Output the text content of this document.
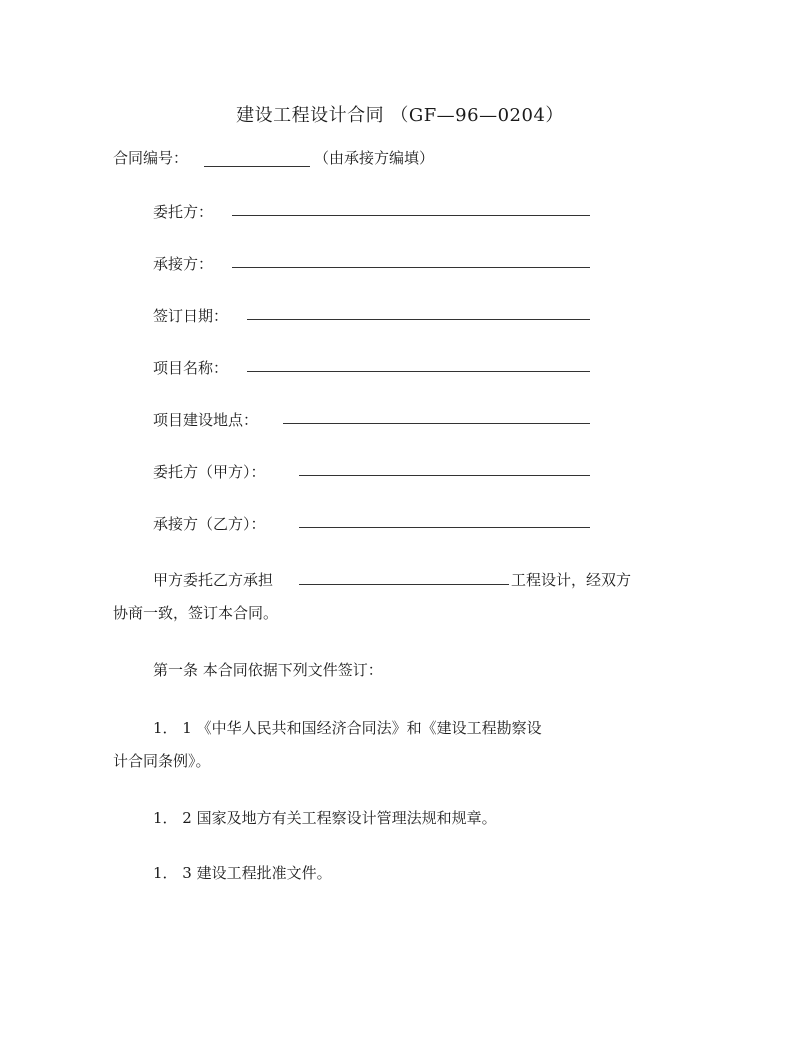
建设工程设计合同 （GF—96—0204）
合同编号：	（由承接方编填）
委托方：
承接方：
签订日期：
项目名称：
项目建设地点：
委托方（甲方）：
承接方（乙方）：
甲方委托乙方承担	工程设计，经双方
协商一致，签订本合同。
第一条 本合同依据下列文件签订：
1． 1 《中华人民共和国经济合同法》和《建设工程勘察设
计合同条例》。
1． 2 国家及地方有关工程察设计管理法规和规章。
1． 3 建设工程批准文件。
